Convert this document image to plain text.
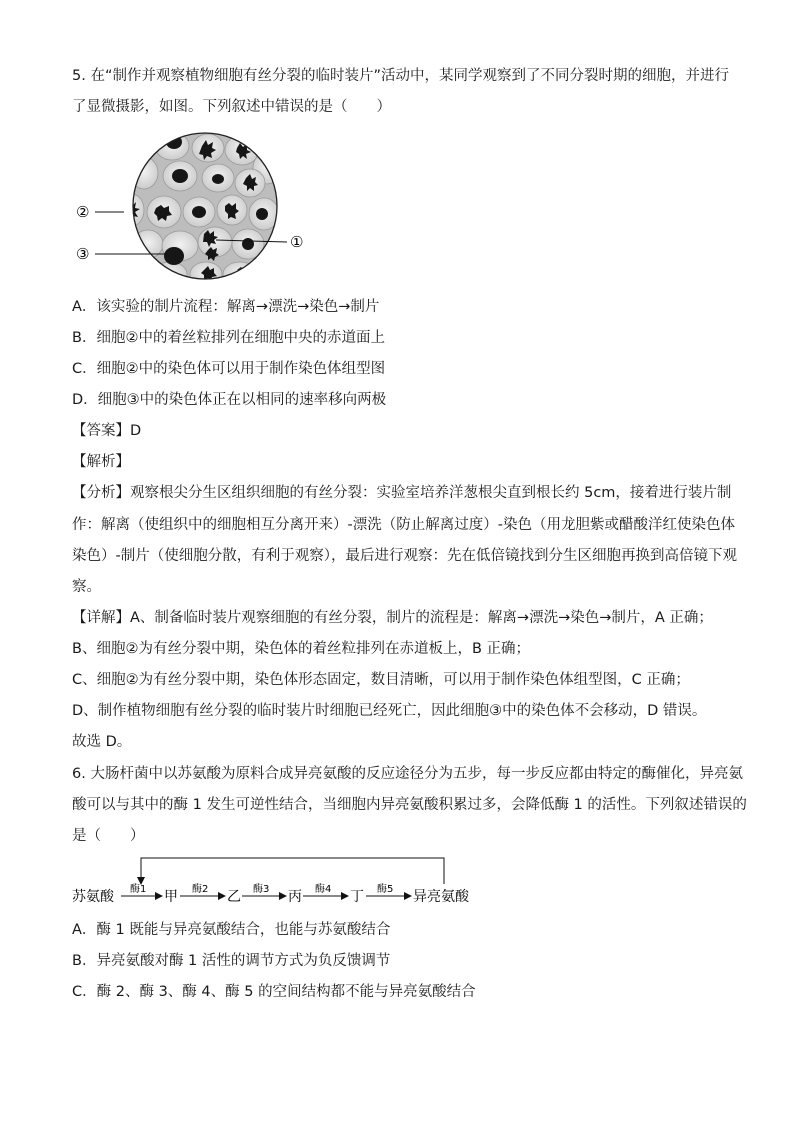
5. 在“制作并观察植物细胞有丝分裂的临时装片”活动中，某同学观察到了不同分裂时期的细胞，并进行
了显微摄影，如图。下列叙述中错误的是（　　）
②
③
①
A．该实验的制片流程：解离→漂洗→染色→制片
B．细胞②中的着丝粒排列在细胞中央的赤道面上
C．细胞②中的染色体可以用于制作染色体组型图
D．细胞③中的染色体正在以相同的速率移向两极
【答案】D
【解析】
【分析】观察根尖分生区组织细胞的有丝分裂：实验室培养洋葱根尖直到根长约 5cm，接着进行装片制
作：解离（使组织中的细胞相互分离开来）-漂洗（防止解离过度）-染色（用龙胆紫或醋酸洋红使染色体
染色）-制片（使细胞分散，有利于观察），最后进行观察：先在低倍镜找到分生区细胞再换到高倍镜下观
察。
【详解】A、制备临时装片观察细胞的有丝分裂，制片的流程是：解离→漂洗→染色→制片，A 正确；
B、细胞②为有丝分裂中期，染色体的着丝粒排列在赤道板上，B 正确；
C、细胞②为有丝分裂中期，染色体形态固定，数目清晰，可以用于制作染色体组型图，C 正确；
D、制作植物细胞有丝分裂的临时装片时细胞已经死亡，因此细胞③中的染色体不会移动，D 错误。
故选 D。
6. 大肠杆菌中以苏氨酸为原料合成异亮氨酸的反应途径分为五步，每一步反应都由特定的酶催化，异亮氨
酸可以与其中的酶 1 发生可逆性结合，当细胞内异亮氨酸积累过多，会降低酶 1 的活性。下列叙述错误的
是（　　）
苏氨酸	甲	乙	丙	丁	异亮氨酸
酶1	酶2	酶3	酶4	酶5
A．酶 1 既能与异亮氨酸结合，也能与苏氨酸结合
B．异亮氨酸对酶 1 活性的调节方式为负反馈调节
C．酶 2、酶 3、酶 4、酶 5 的空间结构都不能与异亮氨酸结合
